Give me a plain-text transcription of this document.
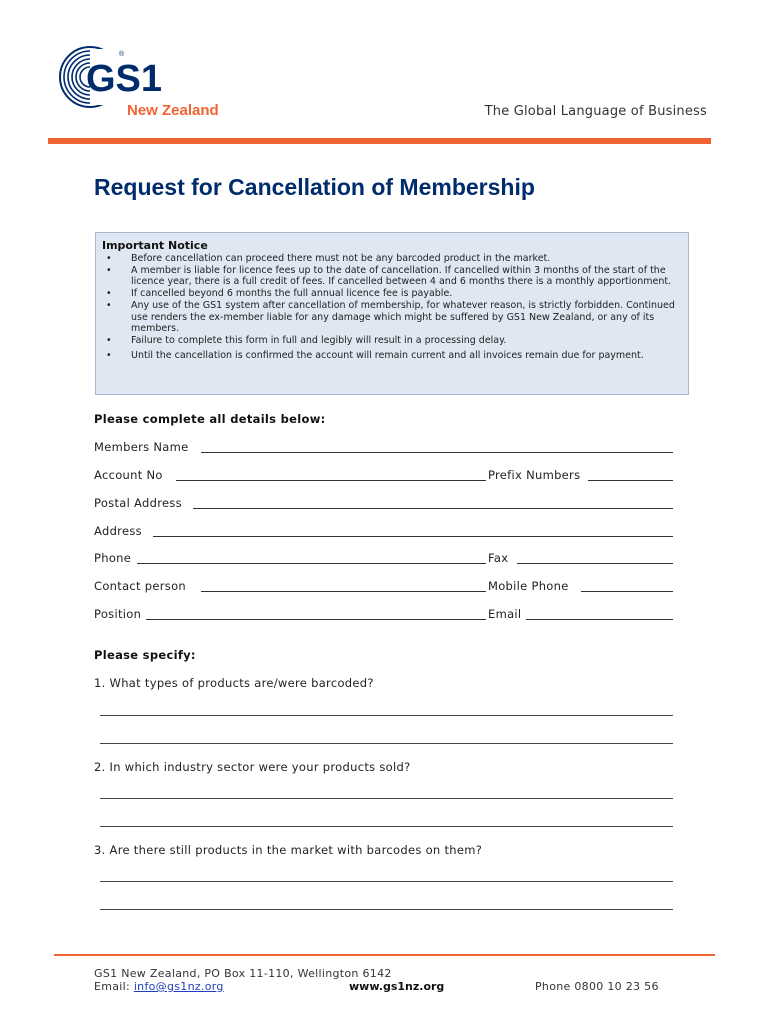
GS1
®
New Zealand	The Global Language of Business
Request for Cancellation of Membership
Important Notice
• Before cancellation can proceed there must not be any barcoded product in the market.
• A member is liable for licence fees up to the date of cancellation. If cancelled within 3 months of the start of the licence year, there is a full credit of fees. If cancelled between 4 and 6 months there is a monthly apportionment.
• If cancelled beyond 6 months the full annual licence fee is payable.
• Any use of the GS1 system after cancellation of membership, for whatever reason, is strictly forbidden. Continued use renders the ex-member liable for any damage which might be suffered by GS1 New Zealand, or any of its members.
• Failure to complete this form in full and legibly will result in a processing delay.
• Until the cancellation is confirmed the account will remain current and all invoices remain due for payment.
Please complete all details below:
Members Name
Account No	Prefix Numbers
Postal Address
Address
Phone	Fax
Contact person	Mobile Phone
Position	Email
Please specify:
1. What types of products are/were barcoded?
2. In which industry sector were your products sold?
3. Are there still products in the market with barcodes on them?
GS1 New Zealand, PO Box 11-110, Wellington 6142
Email: info@gs1nz.org	www.gs1nz.org	Phone 0800 10 23 56
